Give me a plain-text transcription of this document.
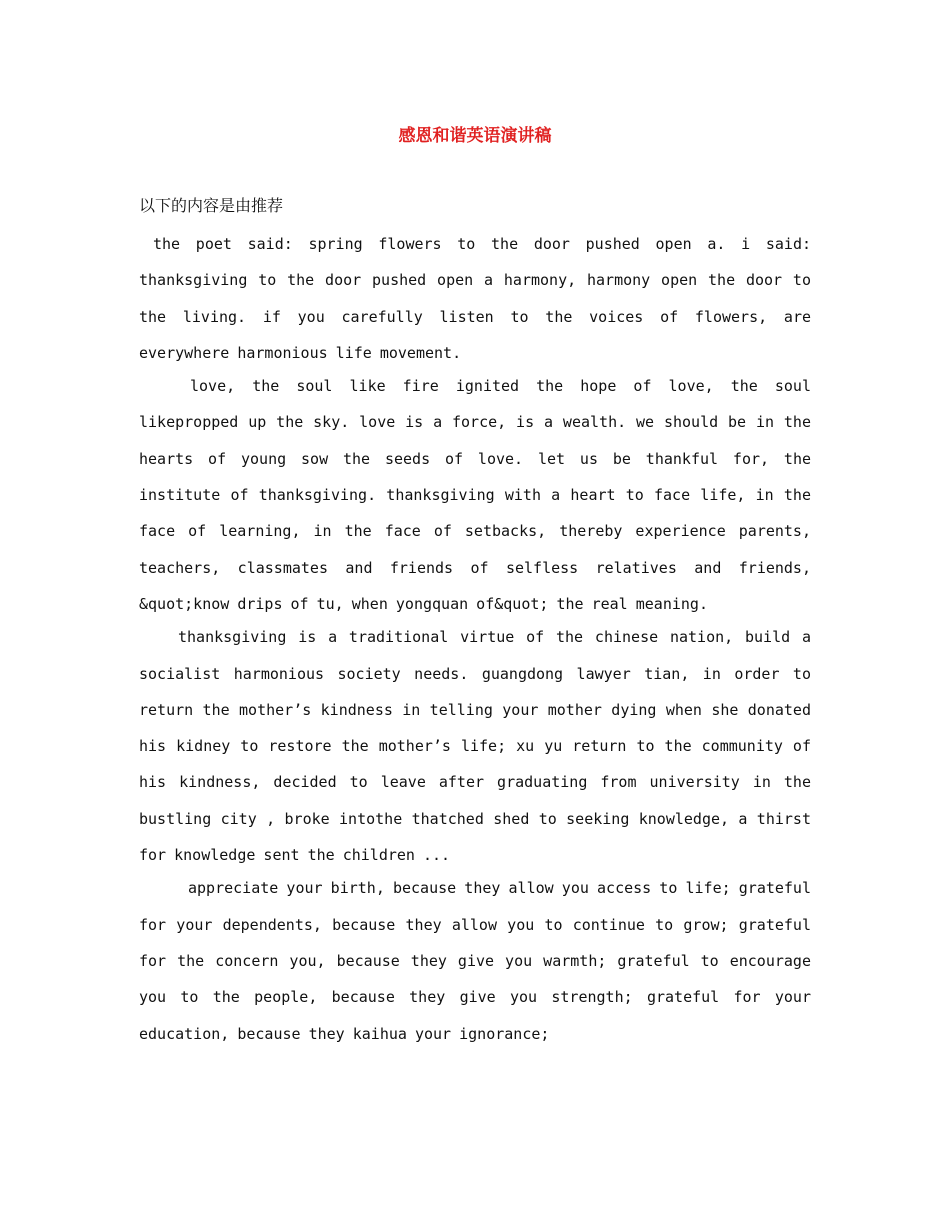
感恩和谐英语演讲稿

以下的内容是由推荐

the poet said: spring flowers to the door pushed open a. i said: thanksgiving to the door pushed open a harmony, harmony open the door to the living. if you carefully listen to the voices of flowers, are everywhere harmonious life movement.

love, the soul like fire ignited the hope of love, the soul likepropped up the sky. love is a force, is a wealth. we should be in the hearts of young sow the seeds of love. let us be thankful for, the institute of thanksgiving. thanksgiving with a heart to face life, in the face of learning, in the face of setbacks, thereby experience parents, teachers, classmates and friends of selfless relatives and friends, &quot;know drips of tu, when yongquan of&quot; the real meaning.

thanksgiving is a traditional virtue of the chinese nation, build a socialist harmonious society needs. guangdong lawyer tian, in order to return the mother’s kindness in telling your mother dying when she donated his kidney to restore the mother’s life; xu yu return to the community of his kindness, decided to leave after graduating from university in the bustling city , broke intothe thatched shed to seeking knowledge, a thirst for knowledge sent the children ...

appreciate your birth, because they allow you access to life; grateful for your dependents, because they allow you to continue to grow; grateful for the concern you, because they give you warmth; grateful to encourage you to the people, because they give you strength; grateful for your education, because they kaihua your ignorance;
